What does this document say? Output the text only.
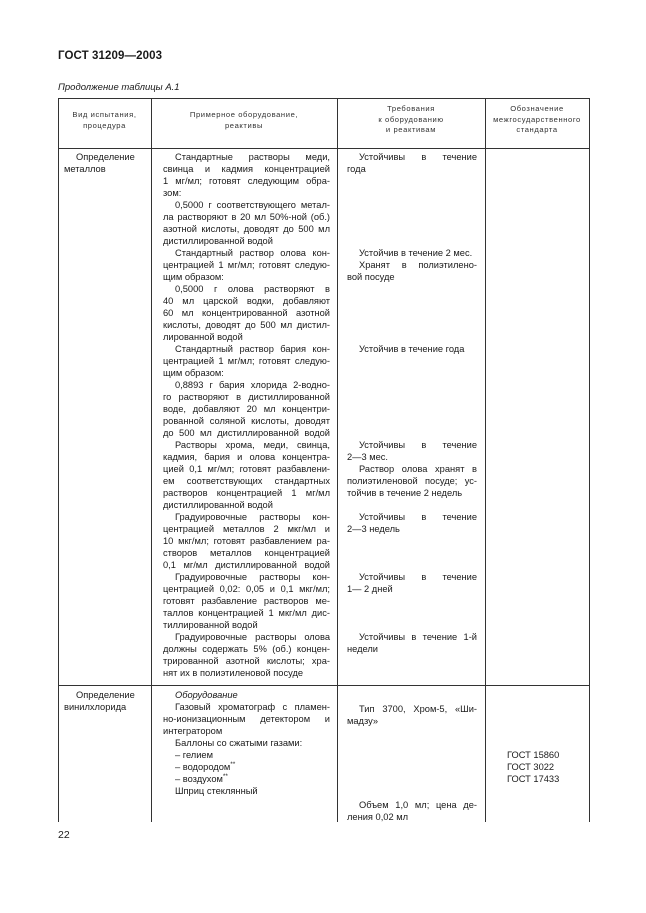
ГОСТ 31209—2003
Продолжение таблицы А.1
Вид испытания,
процедура
Примерное оборудование,
реактивы
Требования
к оборудованию
и реактивам
Обозначение
межгосударственного
стандарта
Определение
металлов
Стандартные растворы меди,
свинца и кадмия концентрацией
1 мг/мл; готовят следующим обра-
зом:
0,5000 г соответствующего метал-
ла растворяют в 20 мл 50%-ной (об.)
азотной кислоты, доводят до 500 мл
дистиллированной водой
Стандартный раствор олова кон-
центрацией 1 мг/мл; готовят следую-
щим образом:
0,5000 г олова растворяют в
40 мл царской водки, добавляют
60 мл концентрированной азотной
кислоты, доводят до 500 мл дистил-
лированной водой
Стандартный раствор бария кон-
центрацией 1 мг/мл; готовят следую-
щим образом:
0,8893 г бария хлорида 2-водно-
го растворяют в дистиллированной
воде, добавляют 20 мл концентри-
рованной соляной кислоты, доводят
до 500 мл дистиллированной водой
Растворы хрома, меди, свинца,
кадмия, бария и олова концентра-
цией 0,1 мг/мл; готовят разбавлени-
ем соответствующих стандартных
растворов концентрацией 1 мг/мл
дистиллированной водой
Градуировочные растворы кон-
центрацией металлов 2 мкг/мл и
10 мкг/мл; готовят разбавлением ра-
створов металлов концентрацией
0,1 мг/мл дистиллированной водой
Градуировочные растворы кон-
центрацией 0,02: 0,05 и 0,1 мкг/мл;
готовят разбавление растворов ме-
таллов концентрацией 1 мкг/мл дис-
тиллированной водой
Градуировочные растворы олова
должны содержать 5% (об.) концен-
трированной азотной кислоты; хра-
нят их в полиэтиленовой посуде
Устойчивы в течение
года
Устойчив в течение 2 мес.
Хранят в полиэтилено-
вой посуде
Устойчив в течение года
Устойчивы в течение
2—3 мес.
Раствор олова хранят в
полиэтиленовой посуде; ус-
тойчив в течение 2 недель
Устойчивы в течение
2—3 недель
Устойчивы в течение
1— 2 дней
Устойчивы в течение 1-й
недели
Определение
винилхлорида
Оборудование
Газовый хроматограф с пламен-
но-ионизационным детектором и
интегратором
Баллоны со сжатыми газами:
– гелием
– водородом**
– воздухом**
Шприц стеклянный
Тип 3700, Хром-5, «Ши-
мадзу»
Объем 1,0 мл; цена де-
ления 0,02 мл
ГОСТ 15860
ГОСТ 3022
ГОСТ 17433
22
